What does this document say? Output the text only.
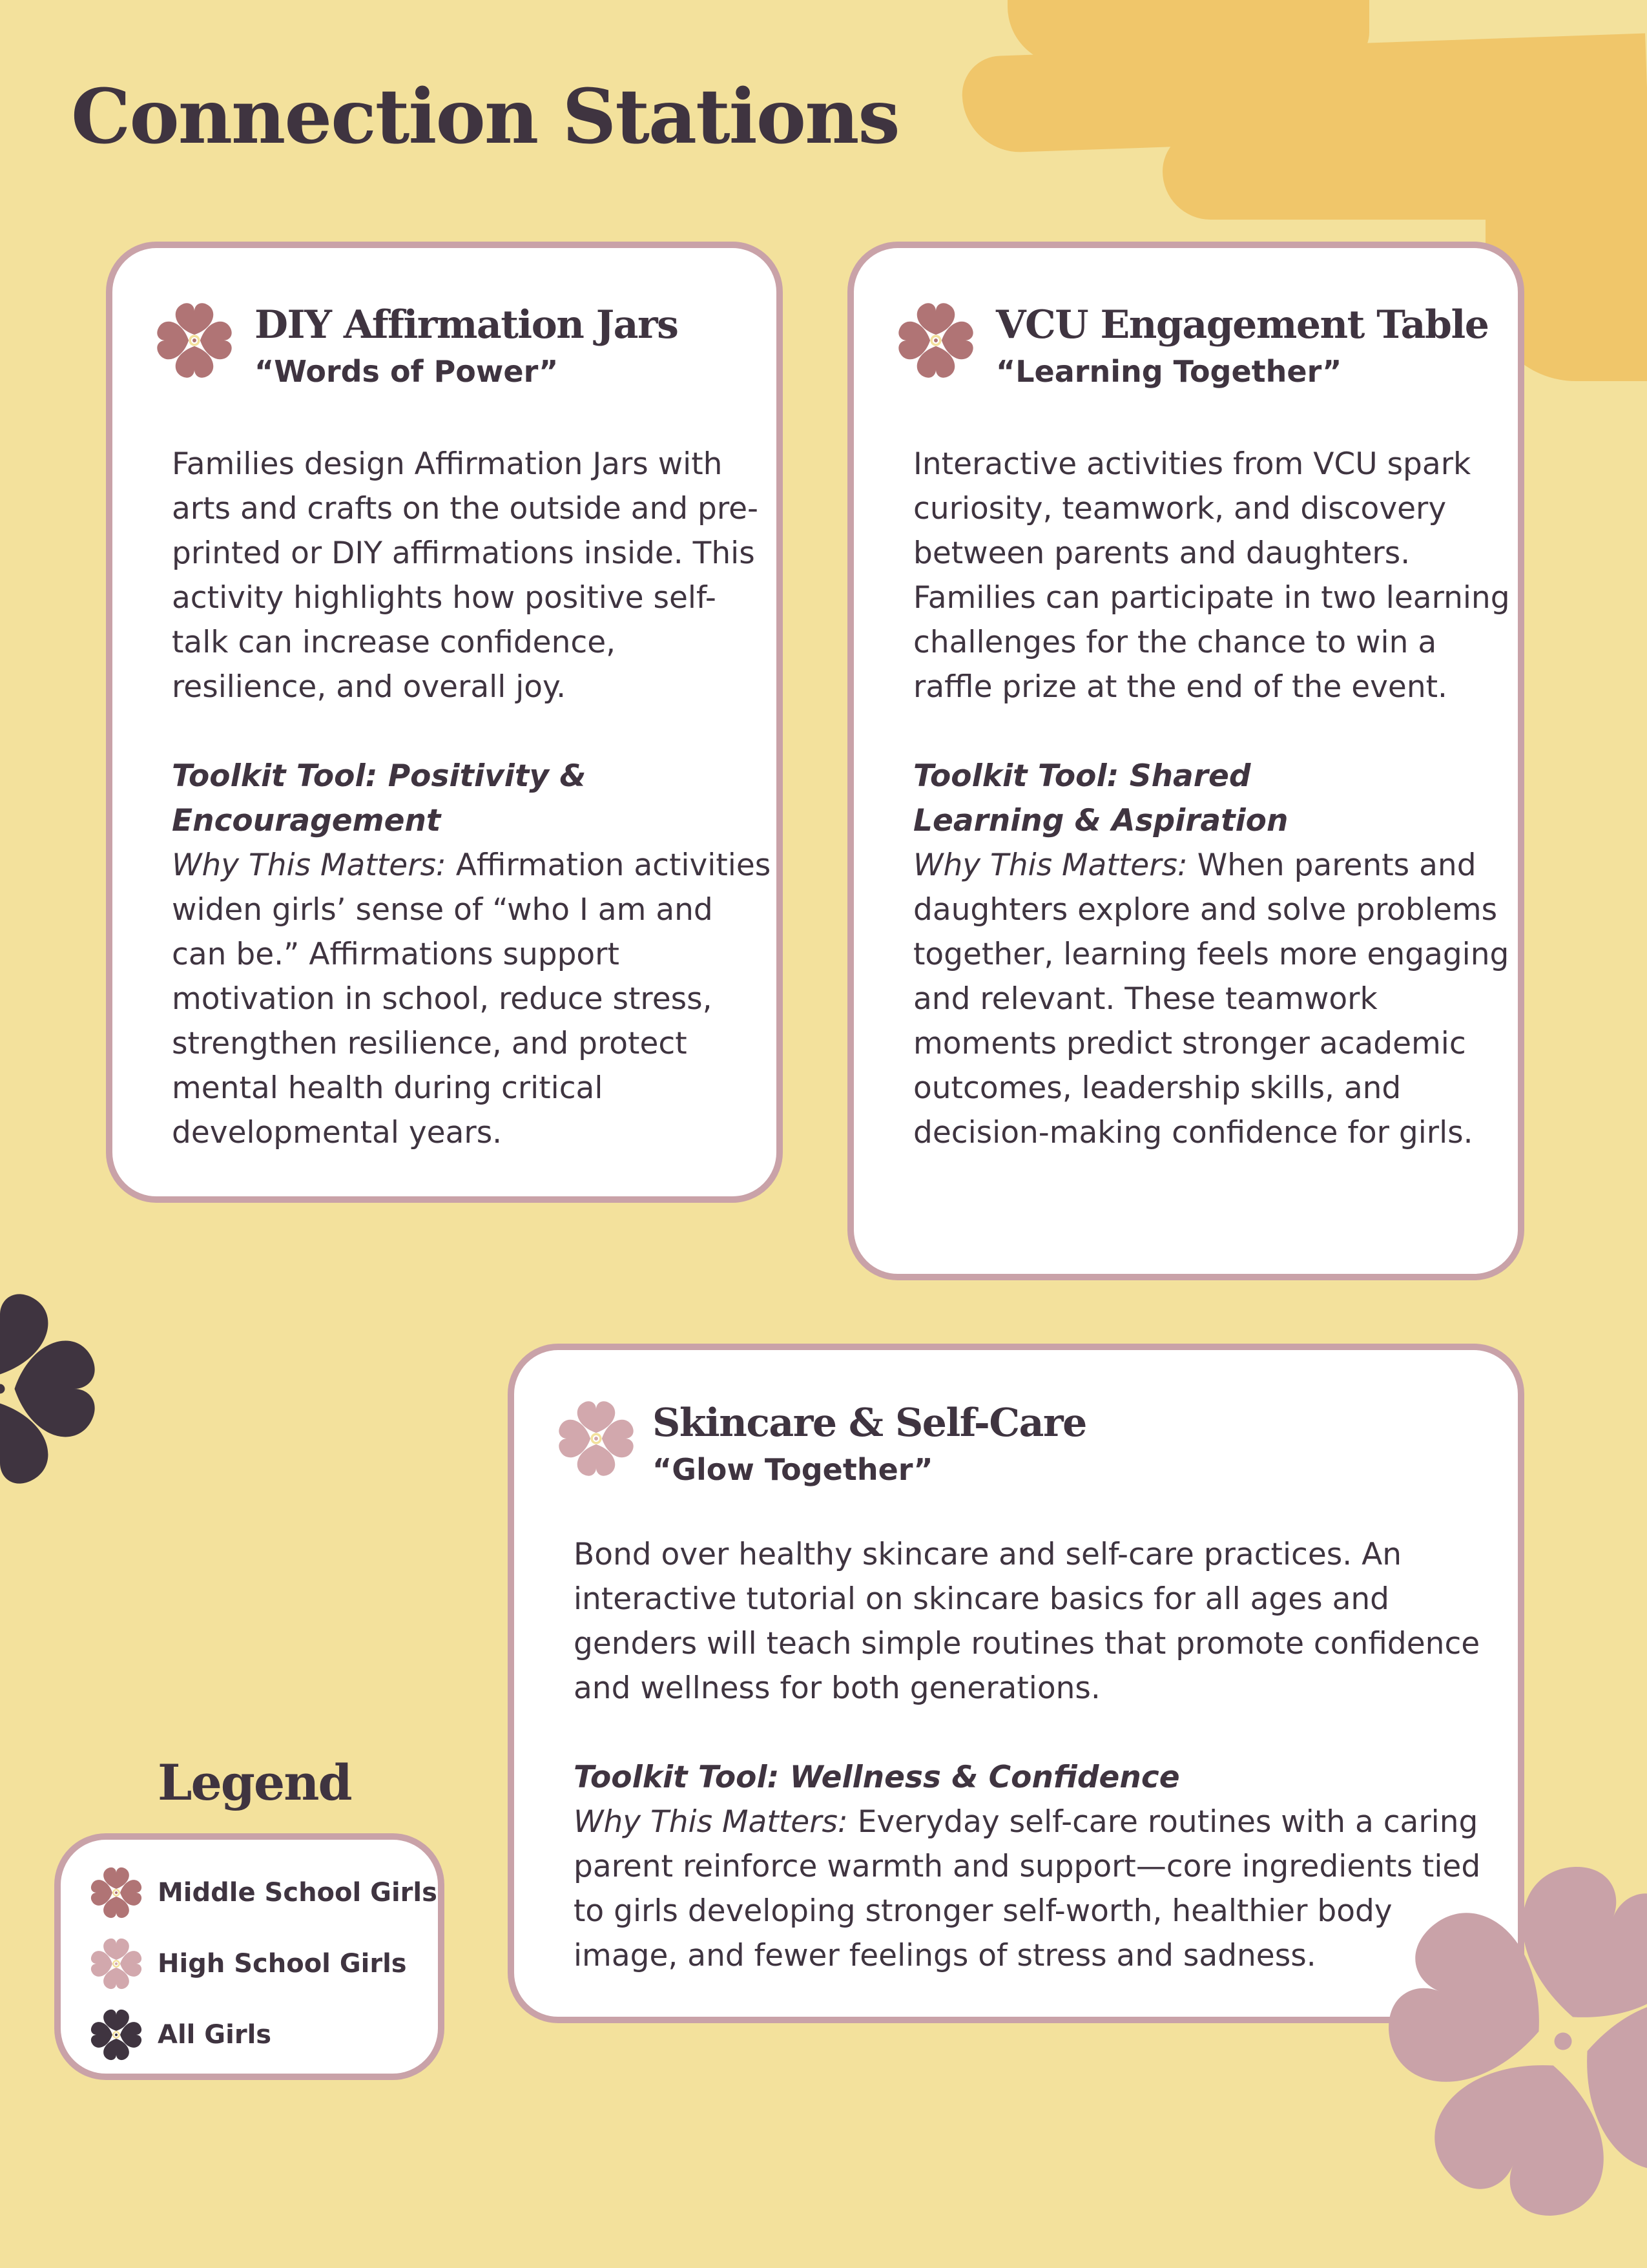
Connection Stations
DIY Affirmation Jars
“Words of Power”

Families design Affirmation Jars with arts and crafts on the outside and pre-printed or DIY affirmations inside. This activity highlights how positive self-talk can increase confidence, resilience, and overall joy.

Toolkit Tool: Positivity & Encouragement

Why This Matters: Affirmation activities widen girls’ sense of “who I am and can be.” Affirmations support motivation in school, reduce stress, strengthen resilience, and protect mental health during critical developmental years.

VCU Engagement Table
“Learning Together”

Interactive activities from VCU spark curiosity, teamwork, and discovery between parents and daughters. Families can participate in two learning challenges for the chance to win a raffle prize at the end of the event.

Toolkit Tool: Shared Learning & Aspiration

Why This Matters: When parents and daughters explore and solve problems together, learning feels more engaging and relevant. These teamwork moments predict stronger academic outcomes, leadership skills, and decision-making confidence for girls.

Skincare & Self-Care
“Glow Together”

Bond over healthy skincare and self-care practices. An interactive tutorial on skincare basics for all ages and genders will teach simple routines that promote confidence and wellness for both generations.

Toolkit Tool: Wellness & Confidence

Why This Matters: Everyday self-care routines with a caring parent reinforce warmth and support—core ingredients tied to girls developing stronger self-worth, healthier body image, and fewer feelings of stress and sadness.

Legend
Middle School Girls
High School Girls
All Girls
